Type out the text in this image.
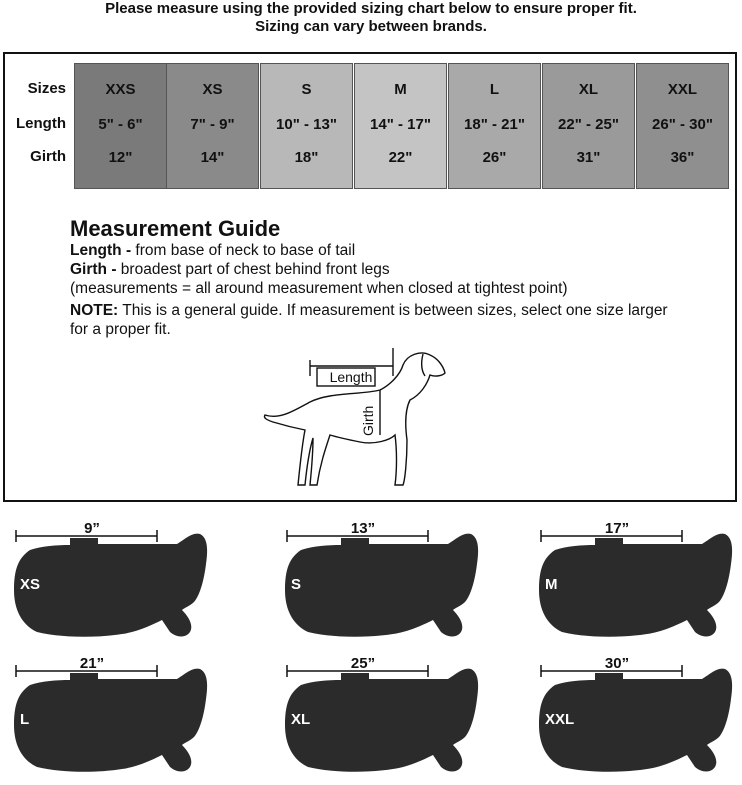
Please measure using the provided sizing chart below to ensure proper fit.
Sizing can vary between brands.
Sizes
Length
Girth
XXS
5" - 6"
12"
XS
7" - 9"
14"
S
10" - 13"
18"
M
14" - 17"
22"
L
18" - 21"
26"
XL
22" - 25"
31"
XXL
26" - 30"
36"
Measurement Guide
Length - from base of neck to base of tail
Girth - broadest part of chest behind front legs
(measurements = all around measurement when closed at tightest point)
NOTE: This is a general guide. If measurement is between sizes, select one size larger for a proper fit.
Length
Girth
9”
XS
13”
S
17”
M
21”
L
25”
XL
30”
XXL
